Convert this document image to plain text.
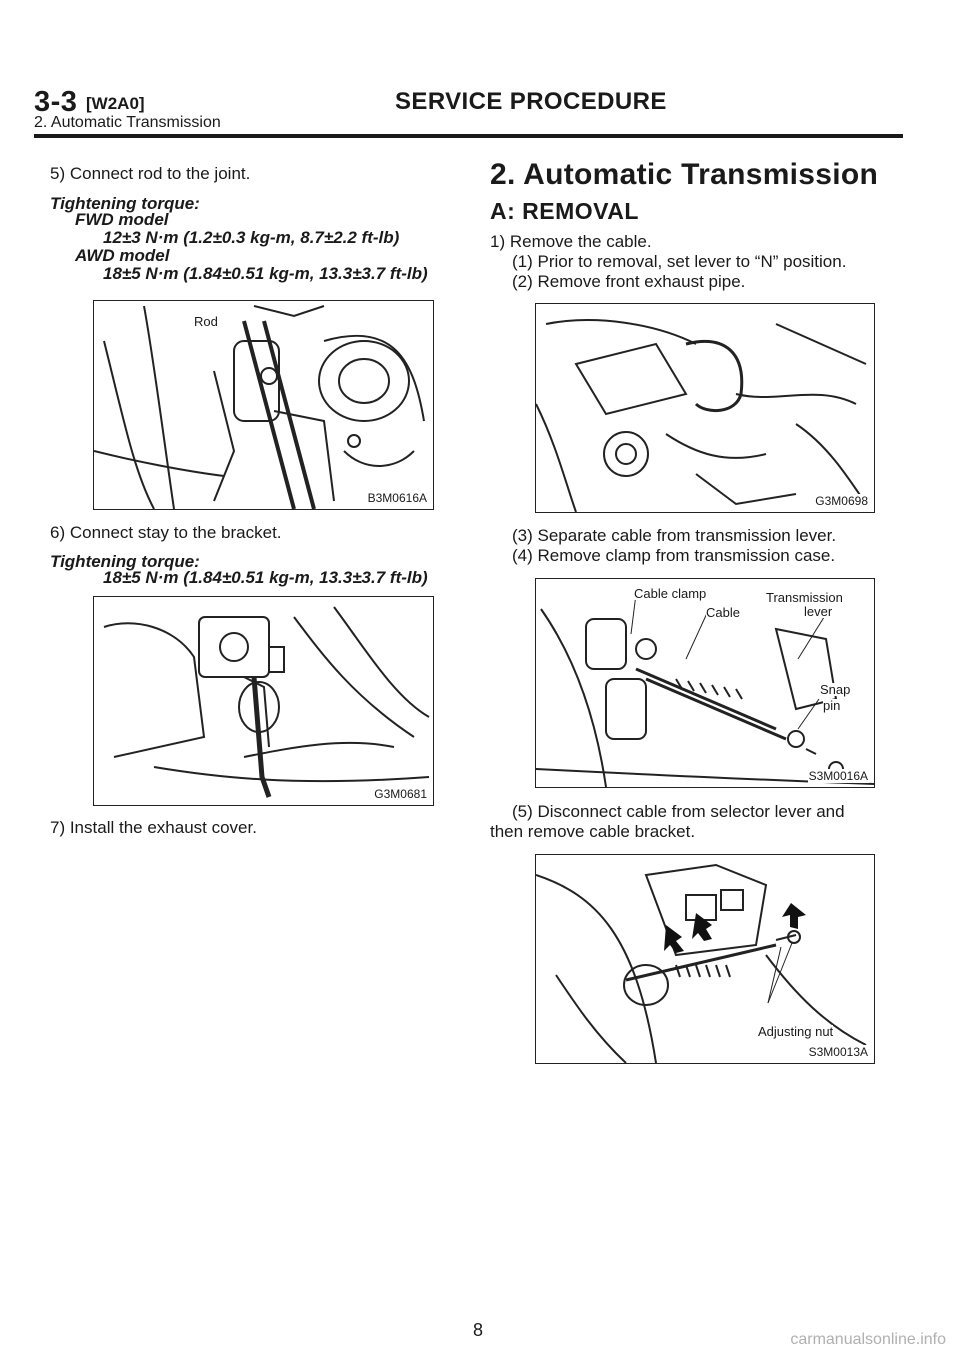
3-3 [W2A0]	SERVICE PROCEDURE
2. Automatic Transmission
5) Connect rod to the joint.
Tightening torque:
FWD model
12±3 N·m (1.2±0.3 kg-m, 8.7±2.2 ft-lb)
AWD model
18±5 N·m (1.84±0.51 kg-m, 13.3±3.7 ft-lb)
Rod
B3M0616A
6) Connect stay to the bracket.
Tightening torque:
18±5 N·m (1.84±0.51 kg-m, 13.3±3.7 ft-lb)
G3M0681
7) Install the exhaust cover.
2. Automatic Transmission
A: REMOVAL
1) Remove the cable.
(1) Prior to removal, set lever to “N” position.
(2) Remove front exhaust pipe.
G3M0698
(3) Separate cable from transmission lever.
(4) Remove clamp from transmission case.
Cable clamp
Cable
Transmission
lever
Snap
pin
S3M0016A
(5) Disconnect cable from selector lever and
then remove cable bracket.
Adjusting nut
S3M0013A
8	carmanualsonline.info
